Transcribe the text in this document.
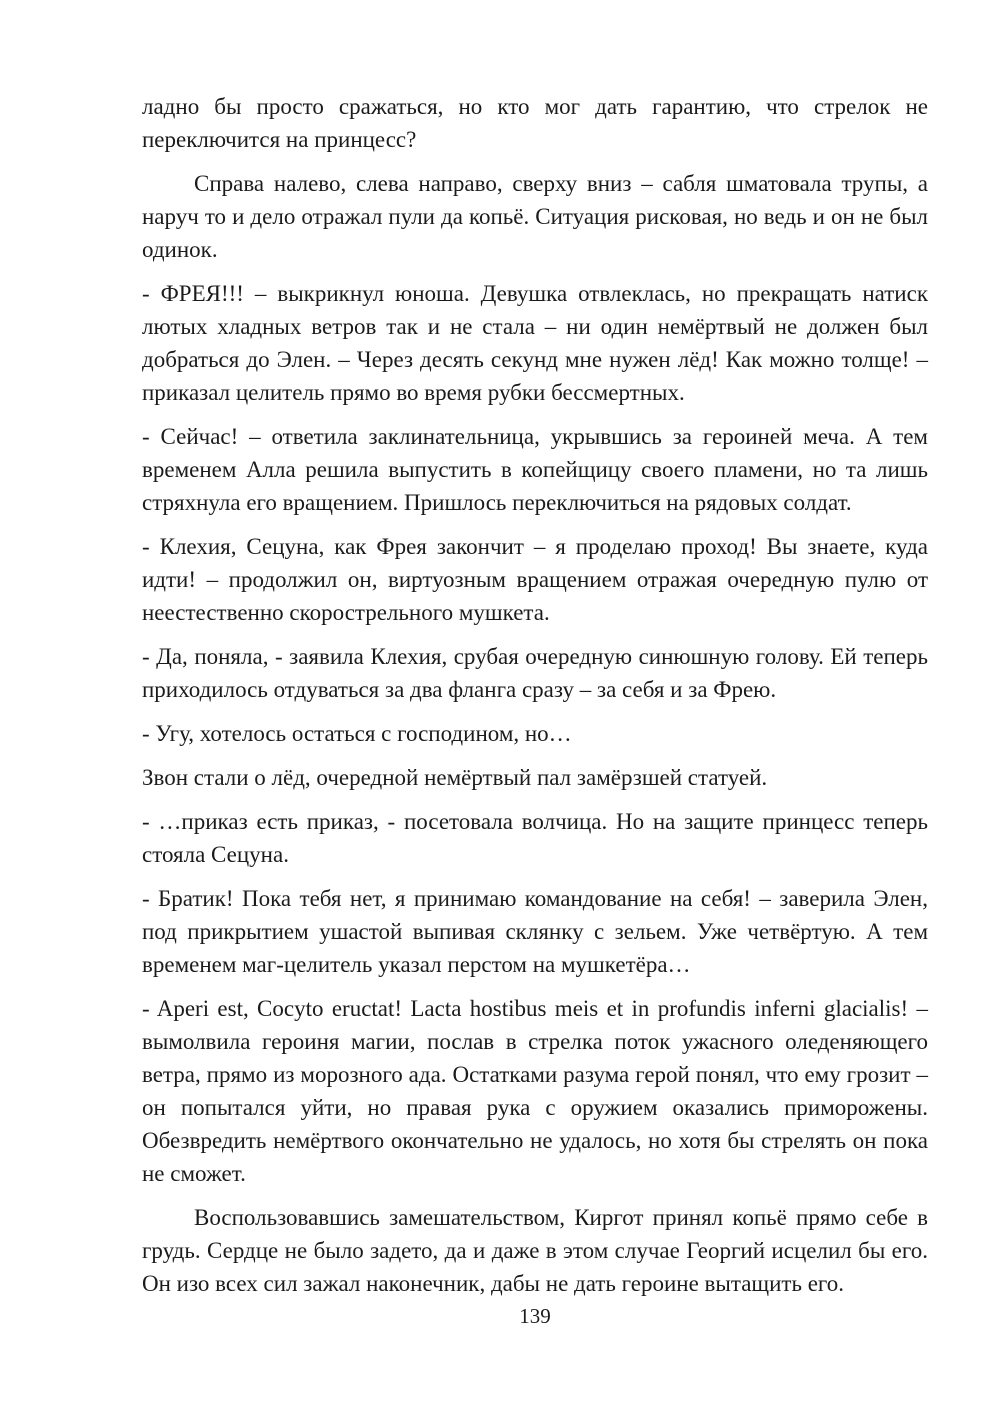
ладно бы просто сражаться, но кто мог дать гарантию, что стрелок не переключится на принцесс?

Справа налево, слева направо, сверху вниз – сабля шматовала трупы, а наруч то и дело отражал пули да копьё. Ситуация рисковая, но ведь и он не был одинок.

- ФРЕЯ!!! – выкрикнул юноша. Девушка отвлеклась, но прекращать натиск лютых хладных ветров так и не стала – ни один немёртвый не должен был добраться до Элен. – Через десять секунд мне нужен лёд! Как можно толще! – приказал целитель прямо во время рубки бессмертных.

- Сейчас! – ответила заклинательница, укрывшись за героиней меча. А тем временем Алла решила выпустить в копейщицу своего пламени, но та лишь стряхнула его вращением. Пришлось переключиться на рядовых солдат.

- Клехия, Сецуна, как Фрея закончит – я проделаю проход! Вы знаете, куда идти! – продолжил он, виртуозным вращением отражая очередную пулю от неестественно скорострельного мушкета.

- Да, поняла, - заявила Клехия, срубая очередную синюшную голову. Ей теперь приходилось отдуваться за два фланга сразу – за себя и за Фрею.

- Угу, хотелось остаться с господином, но…

Звон стали о лёд, очередной немёртвый пал замёрзшей статуей.

- …приказ есть приказ, - посетовала волчица. Но на защите принцесс теперь стояла Сецуна.

- Братик! Пока тебя нет, я принимаю командование на себя! – заверила Элен, под прикрытием ушастой выпивая склянку с зельем. Уже четвёртую. А тем временем маг-целитель указал перстом на мушкетёра…

- Aperi est, Cocyto eructat! Lacta hostibus meis et in profundis inferni glacialis! – вымолвила героиня магии, послав в стрелка поток ужасного оледеняющего ветра, прямо из морозного ада. Остатками разума герой понял, что ему грозит – он попытался уйти, но правая рука с оружием оказались приморожены. Обезвредить немёртвого окончательно не удалось, но хотя бы стрелять он пока не сможет.

Воспользовавшись замешательством, Киргот принял копьё прямо себе в грудь. Сердце не было задето, да и даже в этом случае Георгий исцелил бы его. Он изо всех сил зажал наконечник, дабы не дать героине вытащить его.

139
